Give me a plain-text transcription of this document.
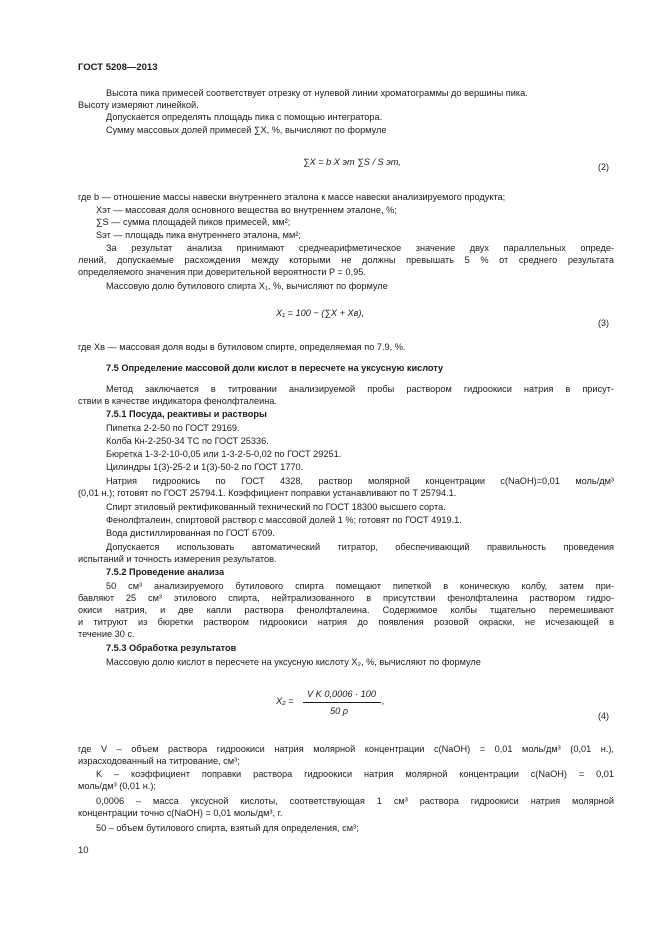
ГОСТ 5208—2013
Высота пика примесей соответствует отрезку от нулевой линии хроматограммы до вершины пика.
Высоту измеряют линейкой.
Допускается определять площадь пика с помощью интегратора.
Сумму массовых долей примесей ∑X, %, вычисляют по формуле
∑X = b X эт ∑S / S эт,	(2)
где b — отношение массы навески внутреннего эталона к массе навески анализируемого продукта;
Xэт — массовая доля основного вещества во внутреннем эталоне, %;
∑S — сумма площадей пиков примесей, мм²;
Sэт — площадь пика внутреннего эталона, мм²;
За результат анализа принимают среднеарифметическое значение двух параллельных опреде-
лений, допускаемые расхождения между которыми не должны превышать 5 % от среднего результата
определяемого значения при доверительной вероятности P = 0,95.
Массовую долю бутилового спирта X₁, %, вычисляют по формуле
X₁ = 100 − (∑X + Xв),
(3)
где Xв — массовая доля воды в бутиловом спирте, определяемая по 7.9, %.
7.5 Определение массовой доли кислот в пересчете на уксусную кислоту
Метод заключается в титровании анализируемой пробы раствором гидроокиси натрия в присут-
ствии в качестве индикатора фенолфталеина.
7.5.1 Посуда, реактивы и растворы
Пипетка 2-2-50 по ГОСТ 29169.
Колба Кн-2-250-34 ТС по ГОСТ 25336.
Бюретка 1-3-2-10-0,05 или 1-3-2-5-0,02 по ГОСТ 29251.
Цилиндры 1(3)-25-2 и 1(3)-50-2 по ГОСТ 1770.
Натрия гидроокись по ГОСТ 4328, раствор молярной концентрации c(NaOH)=0,01 моль/дм³
(0,01 н.); готовят по ГОСТ 25794.1. Коэффициент поправки устанавливают по Т 25794.1.
Спирт этиловый ректификованный технический по ГОСТ 18300 высшего сорта.
Фенолфталеин, спиртовой раствор с массовой долей 1 %; готовят по ГОСТ 4919.1.
Вода дистиллированная по ГОСТ 6709.
Допускается использовать автоматический титратор, обеспечивающий правильность проведения
испытаний и точность измерения результатов.
7.5.2 Проведение анализа
50 см³ анализируемого бутилового спирта помещают пипеткой в коническую колбу, затем при-
бавляют 25 см³ этилового спирта, нейтрализованного в присутствии фенолфталеина раствором гидро-
окиси натрия, и две капли раствора фенолфталеина. Содержимое колбы тщательно перемешивают
и титруют из бюретки раствором гидроокиси натрия до появления розовой окраски, не исчезающей в
течение 30 с.
7.5.3 Обработка результатов
Массовую долю кислот в пересчете на уксусную кислоту X₂, %, вычисляют по формуле
X₂ =
V K 0,0006 · 100
50 ρ
,
(4)
где V – объем раствора гидроокиси натрия молярной концентрации c(NaOH) = 0,01 моль/дм³ (0,01 н.),
израсходованный на титрование, см³;
K – коэффициент поправки раствора гидроокиси натрия молярной концентрации c(NaOH) = 0,01
моль/дм³ (0,01 н.);
0,0006 – масса уксусной кислоты, соответствующая 1 см³ раствора гидроокиси натрия молярной
концентрации точно c(NaOH) = 0,01 моль/дм³, г.
50 – объем бутилового спирта, взятый для определения, см³;
10
